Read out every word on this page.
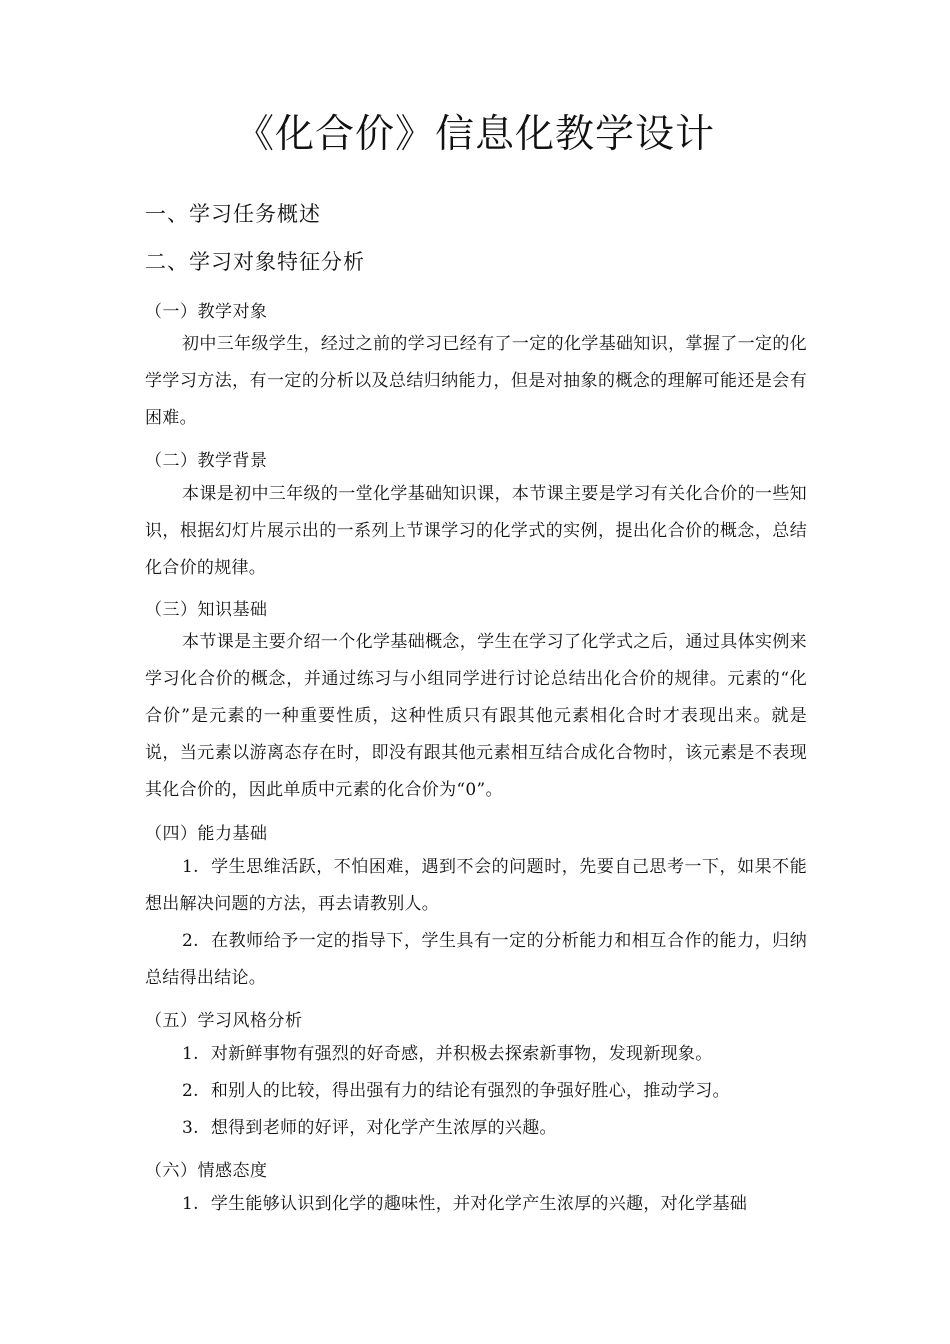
《化合价》信息化教学设计
一、学习任务概述
二、学习对象特征分析
（一）教学对象
初中三年级学生，经过之前的学习已经有了一定的化学基础知识，掌握了一定的化学学习方法，有一定的分析以及总结归纳能力，但是对抽象的概念的理解可能还是会有困难。
（二）教学背景
本课是初中三年级的一堂化学基础知识课，本节课主要是学习有关化合价的一些知识，根据幻灯片展示出的一系列上节课学习的化学式的实例，提出化合价的概念，总结化合价的规律。
（三）知识基础
本节课是主要介绍一个化学基础概念，学生在学习了化学式之后，通过具体实例来学习化合价的概念，并通过练习与小组同学进行讨论总结出化合价的规律。元素的“化合价”是元素的一种重要性质，这种性质只有跟其他元素相化合时才表现出来。就是说，当元素以游离态存在时，即没有跟其他元素相互结合成化合物时，该元素是不表现其化合价的，因此单质中元素的化合价为“0”。
（四）能力基础
1. 学生思维活跃，不怕困难，遇到不会的问题时，先要自己思考一下，如果不能想出解决问题的方法，再去请教别人。
2. 在教师给予一定的指导下，学生具有一定的分析能力和相互合作的能力，归纳总结得出结论。
（五）学习风格分析
1. 对新鲜事物有强烈的好奇感，并积极去探索新事物，发现新现象。
2. 和别人的比较，得出强有力的结论有强烈的争强好胜心，推动学习。
3. 想得到老师的好评，对化学产生浓厚的兴趣。
（六）情感态度
1. 学生能够认识到化学的趣味性，并对化学产生浓厚的兴趣，对化学基础
